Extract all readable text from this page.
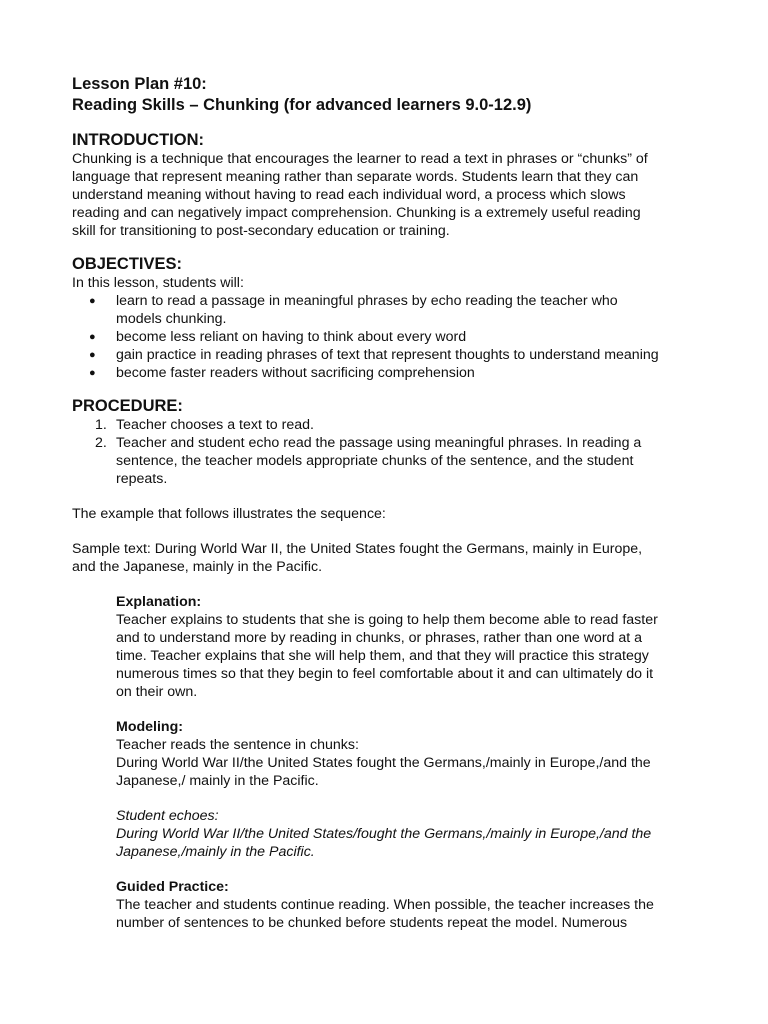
Lesson Plan #10:
Reading Skills – Chunking (for advanced learners 9.0-12.9)
INTRODUCTION:

Chunking is a technique that encourages the learner to read a text in phrases or “chunks” of

language that represent meaning rather than separate words. Students learn that they can

understand meaning without having to read each individual word, a process which slows

reading and can negatively impact comprehension. Chunking is a extremely useful reading

skill for transitioning to post-secondary education or training.

OBJECTIVES:

In this lesson, students will:

● learn to read a passage in meaningful phrases by echo reading the teacher who
models chunking.
● become less reliant on having to think about every word
● gain practice in reading phrases of text that represent thoughts to understand meaning
● become faster readers without sacrificing comprehension
PROCEDURE:
1. Teacher chooses a text to read.
2. Teacher and student echo read the passage using meaningful phrases. In reading a
sentence, the teacher models appropriate chunks of the sentence, and the student
repeats.

The example that follows illustrates the sequence:

Sample text: During World War II, the United States fought the Germans, mainly in Europe,

and the Japanese, mainly in the Pacific.

Explanation:

Teacher explains to students that she is going to help them become able to read faster

and to understand more by reading in chunks, or phrases, rather than one word at a

time. Teacher explains that she will help them, and that they will practice this strategy

numerous times so that they begin to feel comfortable about it and can ultimately do it

on their own.

Modeling:

Teacher reads the sentence in chunks:

During World War II/the United States fought the Germans,/mainly in Europe,/and the

Japanese,/ mainly in the Pacific.

Student echoes:

During World War II/the United States/fought the Germans,/mainly in Europe,/and the

Japanese,/mainly in the Pacific.

Guided Practice:

The teacher and students continue reading. When possible, the teacher increases the

number of sentences to be chunked before students repeat the model. Numerous
